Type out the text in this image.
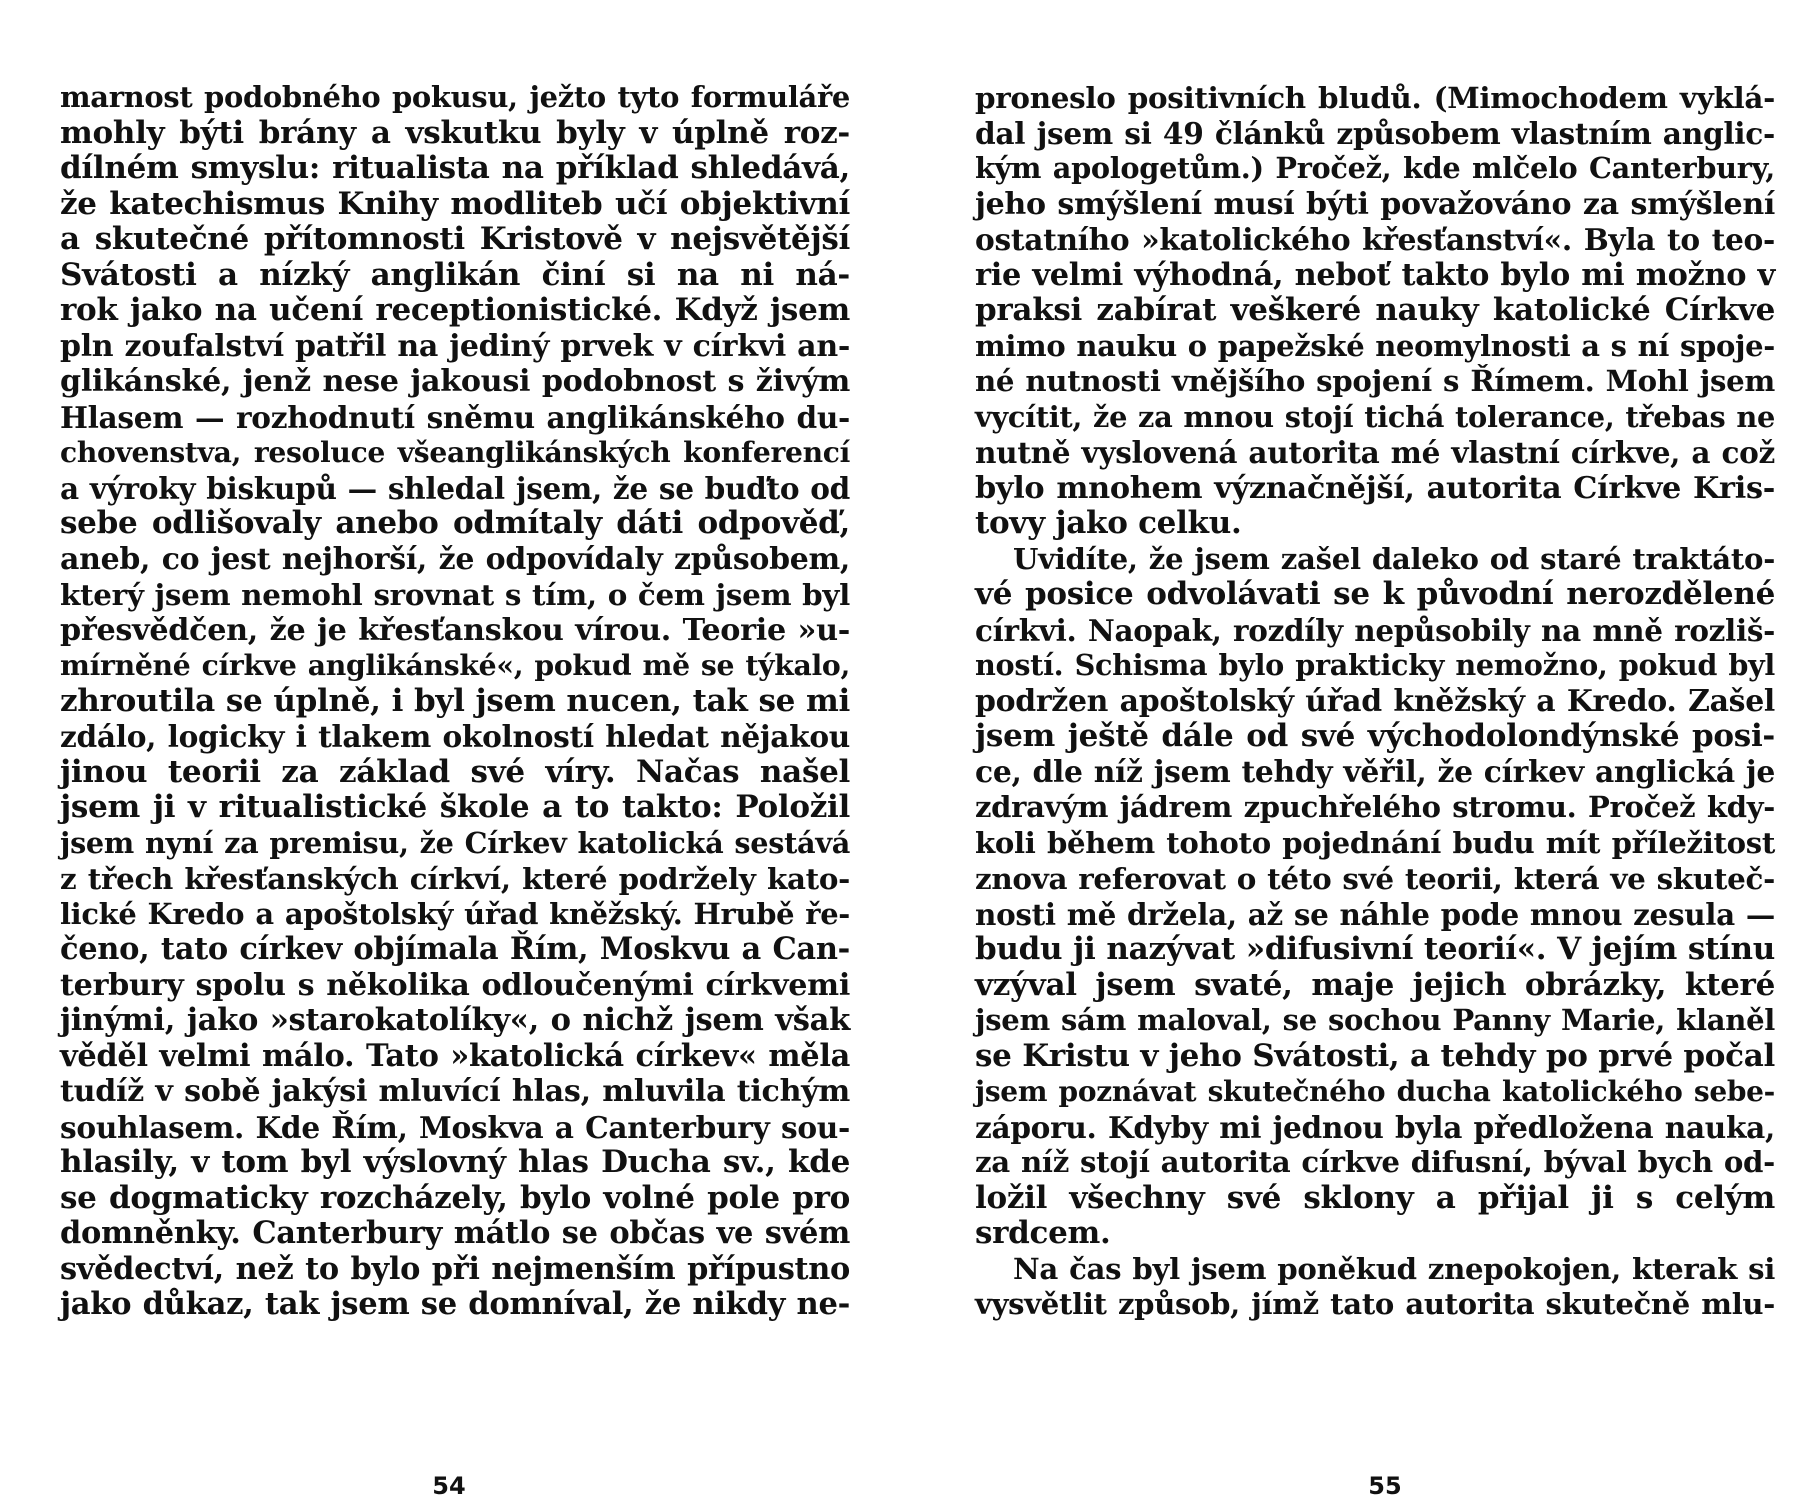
marnost podobného pokusu, ježto tyto formuláře
mohly býti brány a vskutku byly v úplně roz-
dílném smyslu: ritualista na příklad shledává,
že katechismus Knihy modliteb učí objektivní
a skutečné přítomnosti Kristově v nejsvětější
Svátosti a nízký anglikán činí si na ni ná-
rok jako na učení receptionistické. Když jsem
pln zoufalství patřil na jediný prvek v církvi an-
glikánské, jenž nese jakousi podobnost s živým
Hlasem — rozhodnutí sněmu anglikánského du-
chovenstva, resoluce všeanglikánských konferencí
a výroky biskupů — shledal jsem, že se buďto od
sebe odlišovaly anebo odmítaly dáti odpověď,
aneb, co jest nejhorší, že odpovídaly způsobem,
který jsem nemohl srovnat s tím, o čem jsem byl
přesvědčen, že je křesťanskou vírou. Teorie »u-
mírněné církve anglikánské«, pokud mě se týkalo,
zhroutila se úplně, i byl jsem nucen, tak se mi
zdálo, logicky i tlakem okolností hledat nějakou
jinou teorii za základ své víry. Načas našel
jsem ji v ritualistické škole a to takto: Položil
jsem nyní za premisu, že Církev katolická sestává
z třech křesťanských církví, které podržely kato-
lické Kredo a apoštolský úřad kněžský. Hrubě ře-
čeno, tato církev objímala Řím, Moskvu a Can-
terbury spolu s několika odloučenými církvemi
jinými, jako »starokatolíky«, o nichž jsem však
věděl velmi málo. Tato »katolická církev« měla
tudíž v sobě jakýsi mluvící hlas, mluvila tichým
souhlasem. Kde Řím, Moskva a Canterbury sou-
hlasily, v tom byl výslovný hlas Ducha sv., kde
se dogmaticky rozcházely, bylo volné pole pro
domněnky. Canterbury mátlo se občas ve svém
svědectví, než to bylo při nejmenším přípustno
jako důkaz, tak jsem se domníval, že nikdy ne-
54
proneslo positivních bludů. (Mimochodem vyklá-
dal jsem si 49 článků způsobem vlastním anglic-
kým apologetům.) Pročež, kde mlčelo Canterbury,
jeho smýšlení musí býti považováno za smýšlení
ostatního »katolického křesťanství«. Byla to teo-
rie velmi výhodná, neboť takto bylo mi možno v
praksi zabírat veškeré nauky katolické Církve
mimo nauku o papežské neomylnosti a s ní spoje-
né nutnosti vnějšího spojení s Římem. Mohl jsem
vycítit, že za mnou stojí tichá tolerance, třebas ne
nutně vyslovená autorita mé vlastní církve, a což
bylo mnohem význačnější, autorita Církve Kris-
tovy jako celku.
Uvidíte, že jsem zašel daleko od staré traktáto-
vé posice odvolávati se k původní nerozdělené
církvi. Naopak, rozdíly nepůsobily na mně rozliš-
ností. Schisma bylo prakticky nemožno, pokud byl
podržen apoštolský úřad kněžský a Kredo. Zašel
jsem ještě dále od své východolondýnské posi-
ce, dle níž jsem tehdy věřil, že církev anglická je
zdravým jádrem zpuchřelého stromu. Pročež kdy-
koli během tohoto pojednání budu mít příležitost
znova referovat o této své teorii, která ve skuteč-
nosti mě držela, až se náhle pode mnou zesula —
budu ji nazývat »difusivní teorií«. V jejím stínu
vzýval jsem svaté, maje jejich obrázky, které
jsem sám maloval, se sochou Panny Marie, klaněl
se Kristu v jeho Svátosti, a tehdy po prvé počal
jsem poznávat skutečného ducha katolického sebe-
záporu. Kdyby mi jednou byla předložena nauka,
za níž stojí autorita církve difusní, býval bych od-
ložil všechny své sklony a přijal ji s celým
srdcem.
Na čas byl jsem poněkud znepokojen, kterak si
vysvětlit způsob, jímž tato autorita skutečně mlu-
55
